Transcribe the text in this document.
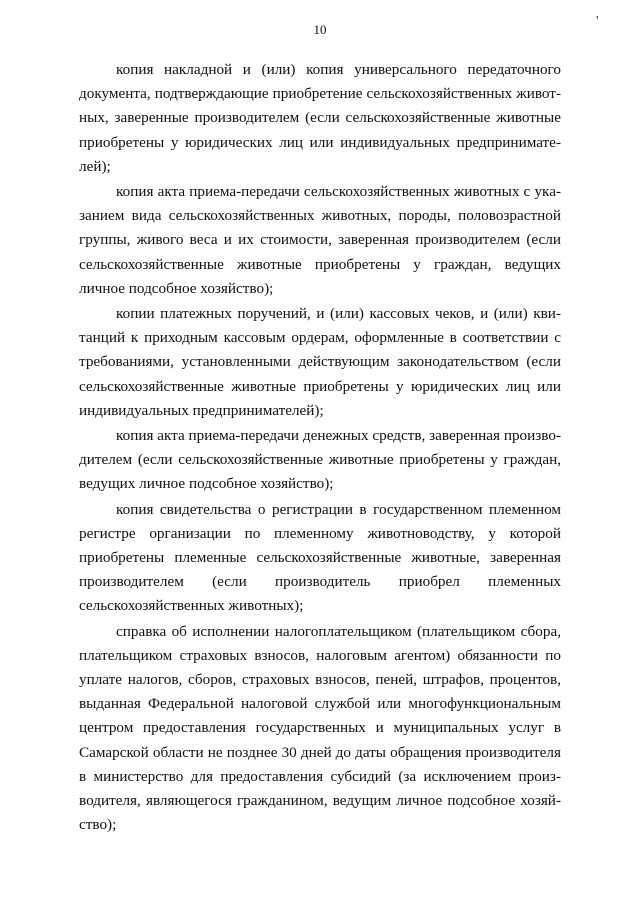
'
10

копия накладной и (или) копия универсального передаточного документа, подтверждающие приобретение сельскохозяйственных животных, заверенные производителем (если сельскохозяйственные животные приобретены у юридических лиц или индивидуальных предпринимателей);

копия акта приема-передачи сельскохозяйственных животных с указанием вида сельскохозяйственных животных, породы, половозрастной группы, живого веса и их стоимости, заверенная производителем (если сельскохозяйственные животные приобретены у граждан, ведущих личное подсобное хозяйство);

копии платежных поручений, и (или) кассовых чеков, и (или) квитанций к приходным кассовым ордерам, оформленные в соответствии с требованиями, установленными действующим законодательством (если сельскохозяйственные животные приобретены у юридических лиц или индивидуальных предпринимателей);

копия акта приема-передачи денежных средств, заверенная производителем (если сельскохозяйственные животные приобретены у граждан, ведущих личное подсобное хозяйство);

копия свидетельства о регистрации в государственном племенном регистре организации по племенному животноводству, у которой приобретены племенные сельскохозяйственные животные, заверенная производителем (если производитель приобрел племенных сельскохозяйственных животных);

справка об исполнении налогоплательщиком (плательщиком сбора, плательщиком страховых взносов, налоговым агентом) обязанности по уплате налогов, сборов, страховых взносов, пеней, штрафов, процентов, выданная Федеральной налоговой службой или многофункциональным центром предоставления государственных и муниципальных услуг в Самарской области не позднее 30 дней до даты обращения производителя в министерство для предоставления субсидий (за исключением производителя, являющегося гражданином, ведущим личное подсобное хозяйство);
